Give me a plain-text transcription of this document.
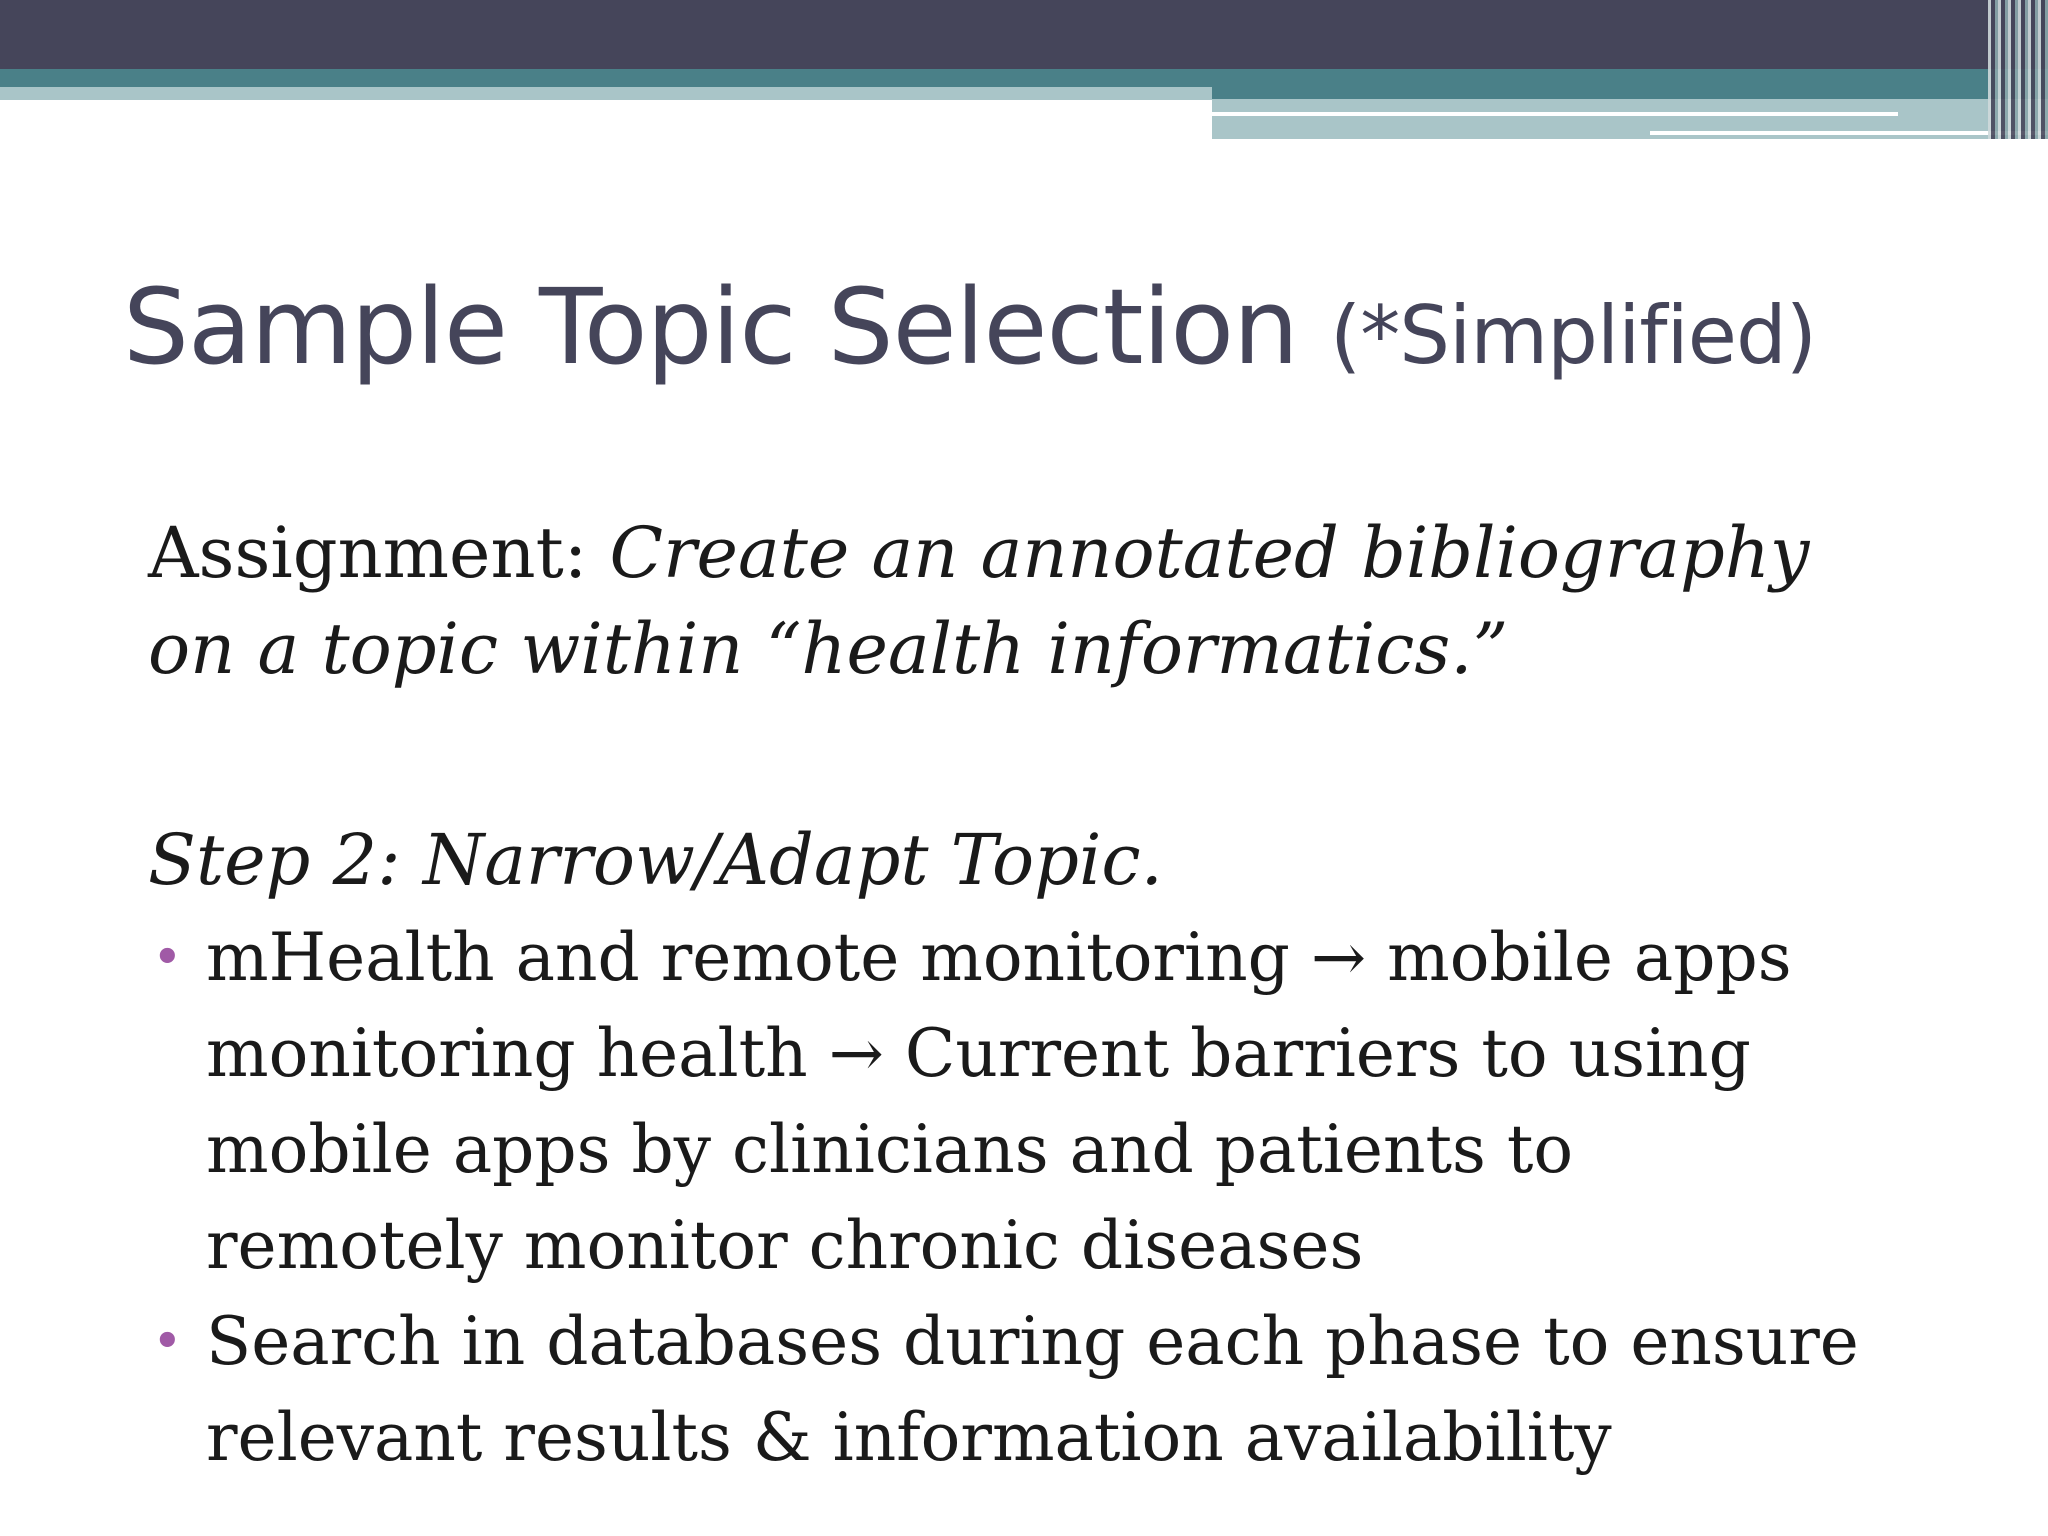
Sample Topic Selection (*Simplified)
Assignment: Create an annotated bibliography
on a topic within “health informatics.”
Step 2: Narrow/Adapt Topic.
• mHealth and remote monitoring → mobile apps
monitoring health → Current barriers to using
mobile apps by clinicians and patients to
remotely monitor chronic diseases
• Search in databases during each phase to ensure
relevant results & information availability
